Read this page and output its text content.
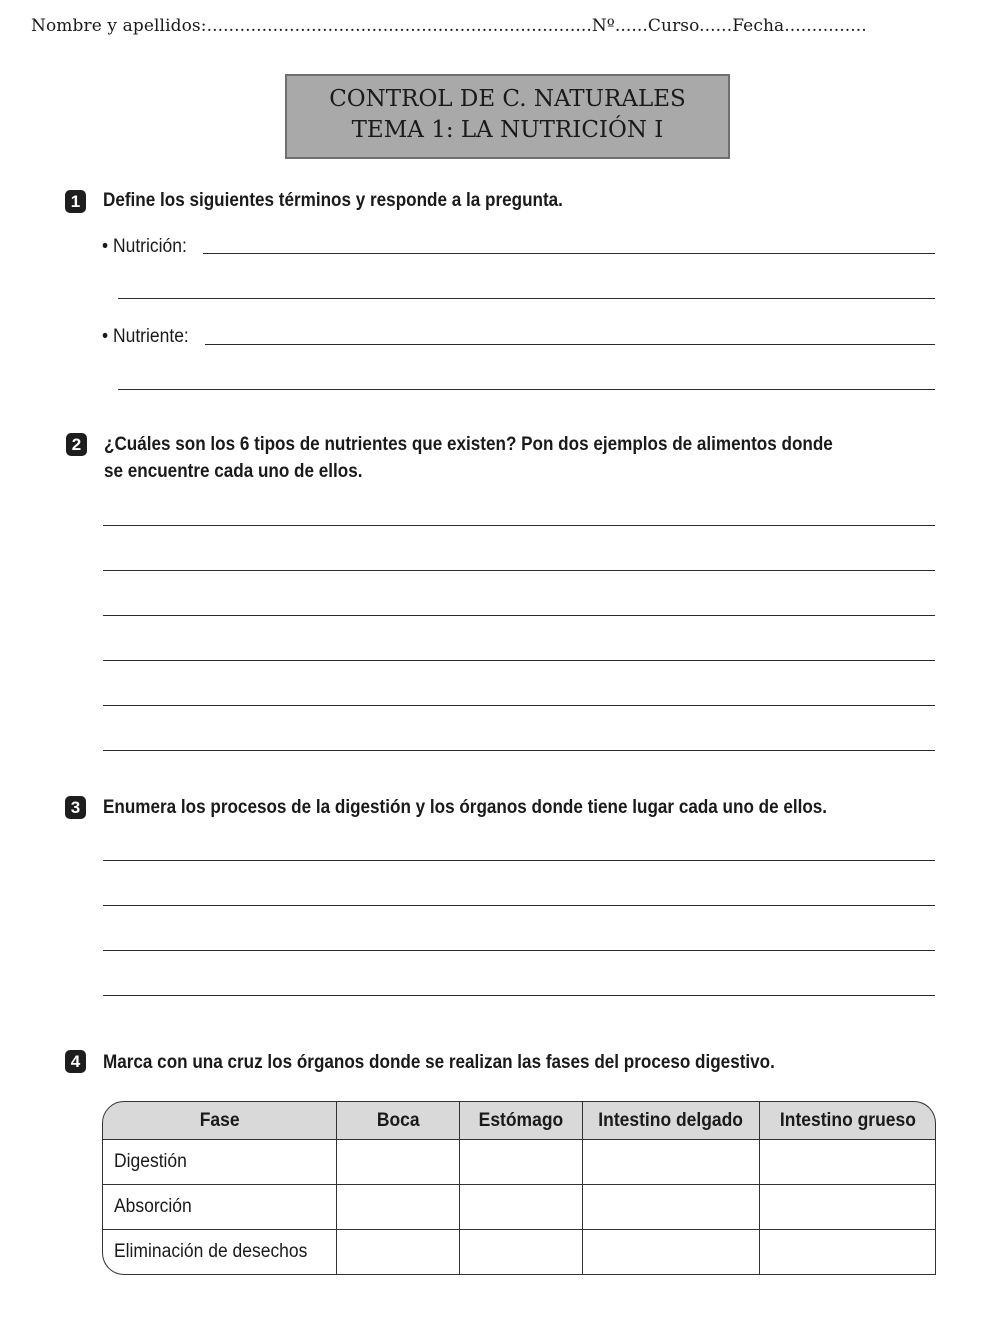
Nombre y apellidos:......................................................................Nº......Curso......Fecha...............
CONTROL DE C. NATURALES
TEMA 1: LA NUTRICIÓN I
1	Define los siguientes términos y responde a la pregunta.
• Nutrición:
• Nutriente:
2	¿Cuáles son los 6 tipos de nutrientes que existen? Pon dos ejemplos de alimentos donde
se encuentre cada uno de ellos.
3	Enumera los procesos de la digestión y los órganos donde tiene lugar cada uno de ellos.
4	Marca con una cruz los órganos donde se realizan las fases del proceso digestivo.
Fase	Boca	Estómago	Intestino delgado	Intestino grueso
Digestión				
Absorción				
Eliminación de desechos				
